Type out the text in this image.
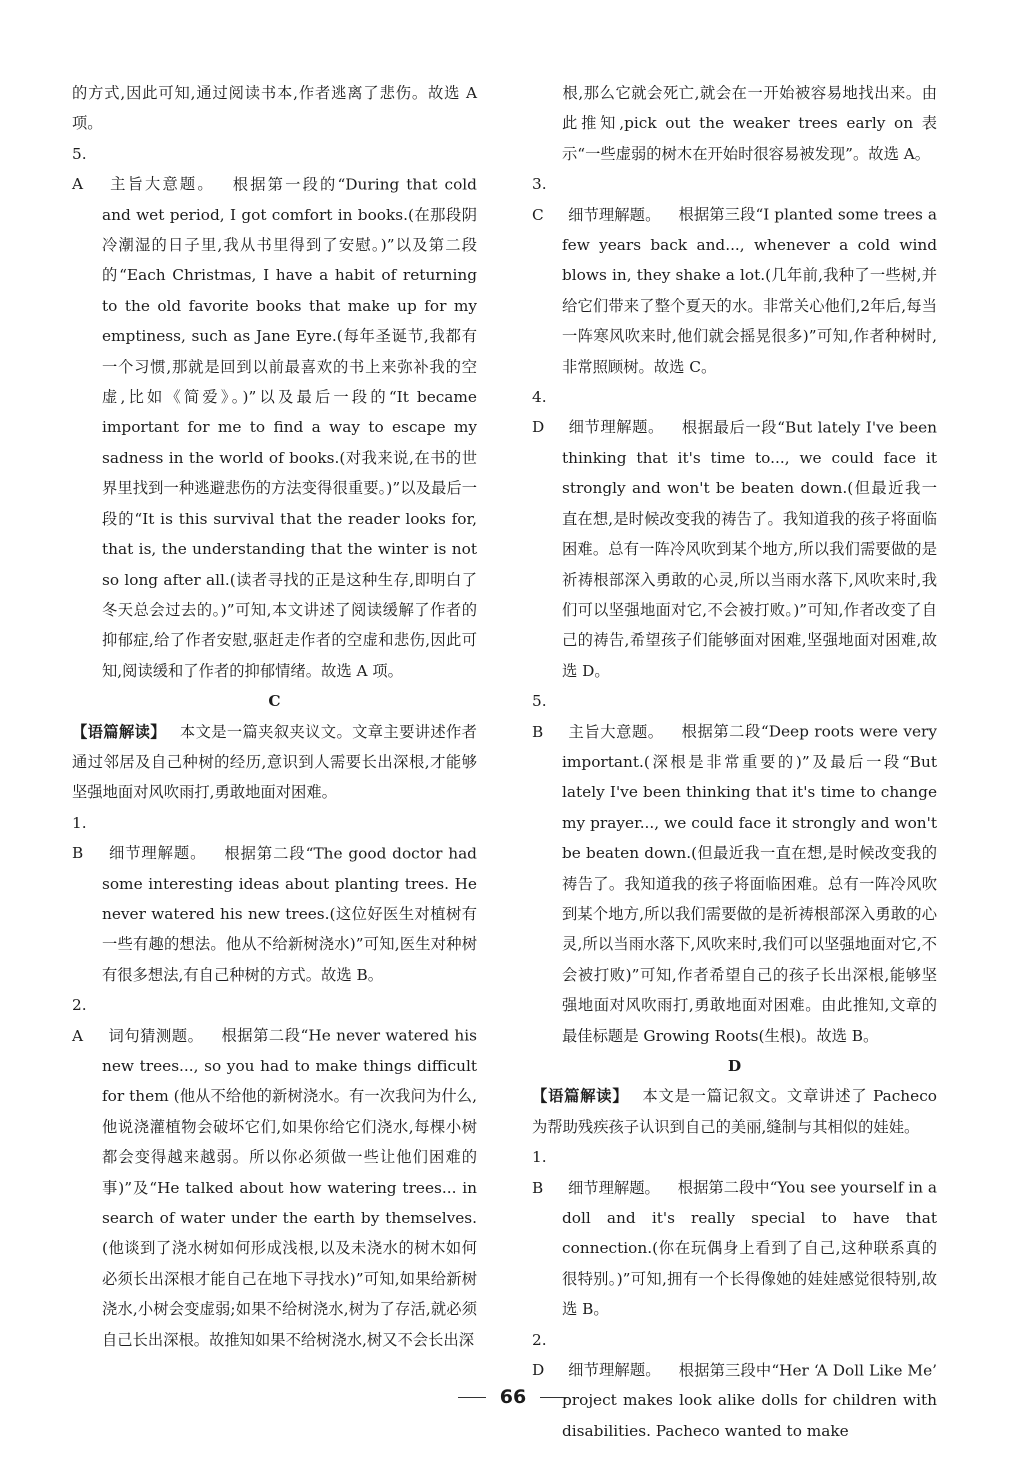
的方式,因此可知,通过阅读书本,作者逃离了悲伤。故选 A 项。

5. A 主旨大意题。 根据第一段的“During that cold and wet period, I got comfort in books.(在那段阴冷潮湿的日子里,我从书里得到了安慰。)”以及第二段的“Each Christmas, I have a habit of returning to the old favorite books that make up for my emptiness, such as Jane Eyre.(每年圣诞节,我都有一个习惯,那就是回到以前最喜欢的书上来弥补我的空虚,比如《简爱》。)”以及最后一段的“It became important for me to find a way to escape my sadness in the world of books.(对我来说,在书的世界里找到一种逃避悲伤的方法变得很重要。)”以及最后一段的“It is this survival that the reader looks for, that is, the understanding that the winter is not so long after all.(读者寻找的正是这种生存,即明白了冬天总会过去的。)”可知,本文讲述了阅读缓解了作者的抑郁症,给了作者安慰,驱赶走作者的空虚和悲伤,因此可知,阅读缓和了作者的抑郁情绪。故选 A 项。

C

【语篇解读】 本文是一篇夹叙夹议文。文章主要讲述作者通过邻居及自己种树的经历,意识到人需要长出深根,才能够坚强地面对风吹雨打,勇敢地面对困难。

1. B 细节理解题。 根据第二段“The good doctor had some interesting ideas about planting trees. He never watered his new trees.(这位好医生对植树有一些有趣的想法。他从不给新树浇水)”可知,医生对种树有很多想法,有自己种树的方式。故选 B。

2. A 词句猜测题。 根据第二段“He never watered his new trees..., so you had to make things difficult for them (他从不给他的新树浇水。有一次我问为什么,他说浇灌植物会破坏它们,如果你给它们浇水,每棵小树都会变得越来越弱。所以你必须做一些让他们困难的事)”及“He talked about how watering trees... in search of water under the earth by themselves.(他谈到了浇水树如何形成浅根,以及未浇水的树木如何必须长出深根才能自己在地下寻找水)”可知,如果给新树浇水,小树会变虚弱;如果不给树浇水,树为了存活,就必须自己长出深根。故推知如果不给树浇水,树又不会长出深

根,那么它就会死亡,就会在一开始被容易地找出来。由此推知,pick out the weaker trees early on 表示“一些虚弱的树木在开始时很容易被发现”。故选 A。

3. C 细节理解题。 根据第三段“I planted some trees a few years back and..., whenever a cold wind blows in, they shake a lot.(几年前,我种了一些树,并给它们带来了整个夏天的水。非常关心他们,2年后,每当一阵寒风吹来时,他们就会摇晃很多)”可知,作者种树时,非常照顾树。故选 C。

4. D 细节理解题。 根据最后一段“But lately I've been thinking that it's time to..., we could face it strongly and won't be beaten down.(但最近我一直在想,是时候改变我的祷告了。我知道我的孩子将面临困难。总有一阵冷风吹到某个地方,所以我们需要做的是祈祷根部深入勇敢的心灵,所以当雨水落下,风吹来时,我们可以坚强地面对它,不会被打败。)”可知,作者改变了自己的祷告,希望孩子们能够面对困难,坚强地面对困难,故选 D。

5. B 主旨大意题。 根据第二段“Deep roots were very important.(深根是非常重要的)”及最后一段“But lately I've been thinking that it's time to change my prayer..., we could face it strongly and won't be beaten down.(但最近我一直在想,是时候改变我的祷告了。我知道我的孩子将面临困难。总有一阵冷风吹到某个地方,所以我们需要做的是祈祷根部深入勇敢的心灵,所以当雨水落下,风吹来时,我们可以坚强地面对它,不会被打败)”可知,作者希望自己的孩子长出深根,能够坚强地面对风吹雨打,勇敢地面对困难。由此推知,文章的最佳标题是 Growing Roots(生根)。故选 B。

D

【语篇解读】 本文是一篇记叙文。文章讲述了 Pacheco 为帮助残疾孩子认识到自己的美丽,缝制与其相似的娃娃。

1. B 细节理解题。 根据第二段中“You see yourself in a doll and it's really special to have that connection.(你在玩偶身上看到了自己,这种联系真的很特别。)”可知,拥有一个长得像她的娃娃感觉很特别,故选 B。

2. D 细节理解题。 根据第三段中“Her ‘A Doll Like Me’ project makes look alike dolls for children with disabilities. Pacheco wanted to make

66
